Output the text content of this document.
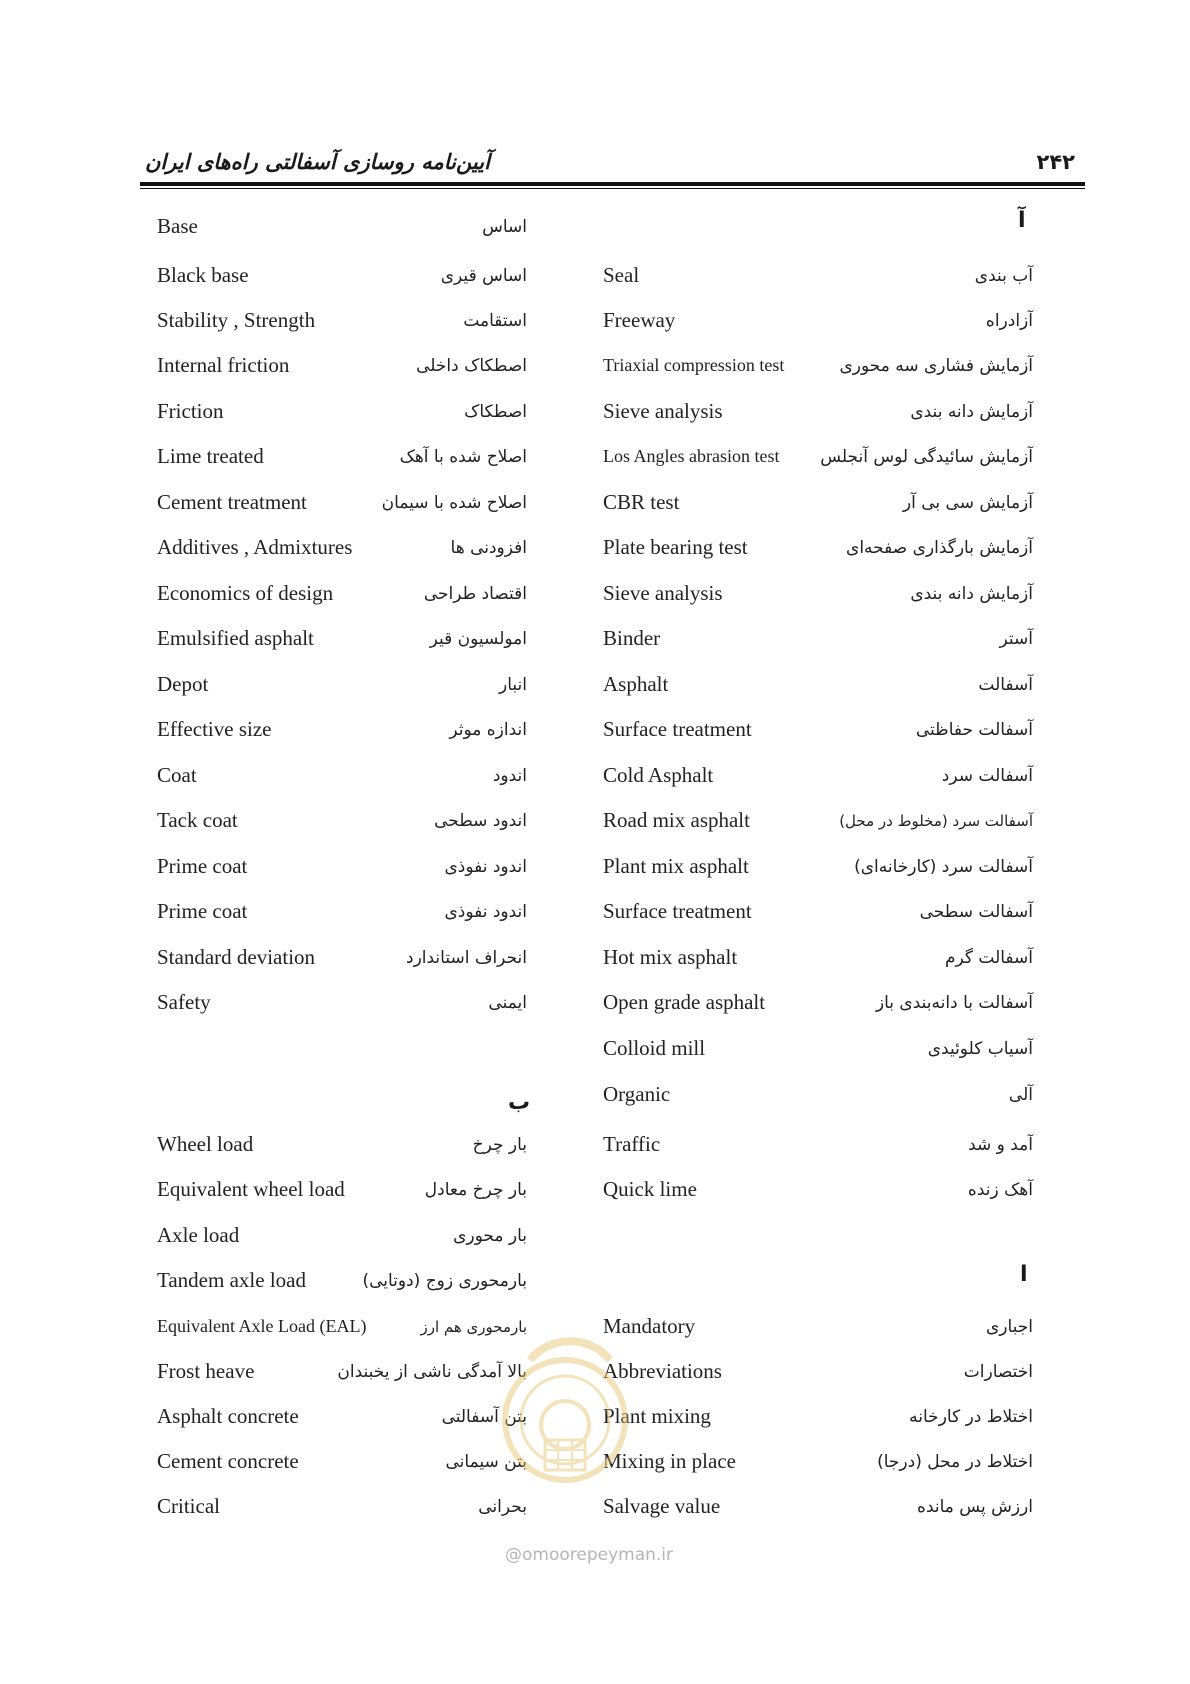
آیین‌نامه روسازی آسفالتی راه‌های ایران	۲۴۲
آ
ب
ا
Base	اساس
Black base	اساس قیری
Stability , Strength	استقامت
Internal friction	اصطکاک داخلی
Friction	اصطکاک
Lime treated	اصلاح شده با آهک
Cement treatment	اصلاح شده با سیمان
Additives , Admixtures	افزودنی ها
Economics of design	اقتصاد طراحی
Emulsified asphalt	امولسیون قیر
Depot	انبار
Effective size	اندازه موثر
Coat	اندود
Tack coat	اندود سطحی
Prime coat	اندود نفوذی
Prime coat	اندود نفوذی
Standard deviation	انحراف استاندارد
Safety	ایمنی
Wheel load	بار چرخ
Equivalent wheel load	بار چرخ معادل
Axle load	بار محوری
Tandem axle load	بارمحوری زوج (دوتایی)
Equivalent Axle Load (EAL)	بارمحوری هم ارز
Frost heave	بالا آمدگی ناشی از یخبندان
Asphalt concrete	بتن آسفالتی
Cement concrete	بتن سیمانی
Critical	بحرانی
Seal	آب بندی
Freeway	آزادراه
Triaxial compression test	آزمایش فشاری سه محوری
Sieve analysis	آزمایش دانه بندی
Los Angles abrasion test آزمایش سائیدگی لوس آنجلس
CBR test	آزمایش سی بی آر
Plate bearing test	آزمایش بارگذاری صفحه‌ای
Sieve analysis	آزمایش دانه بندی
Binder	آستر
Asphalt	آسفالت
Surface treatment	آسفالت حفاظتی
Cold Asphalt	آسفالت سرد
Road mix asphalt	آسفالت سرد (مخلوط در محل)
Plant mix asphalt	آسفالت سرد (کارخانه‌ای)
Surface treatment	آسفالت سطحی
Hot mix asphalt	آسفالت گرم
Open grade asphalt	آسفالت با دانه‌بندی باز
Colloid mill	آسیاب کلوئیدی
Organic	آلی
Traffic	آمد و شد
Quick lime	آهک زنده
Mandatory	اجباری
Abbreviations	اختصارات
Plant mixing	اختلاط در کارخانه
Mixing in place	اختلاط در محل (درجا)
Salvage value	ارزش پس مانده
@omoorepeyman.ir
